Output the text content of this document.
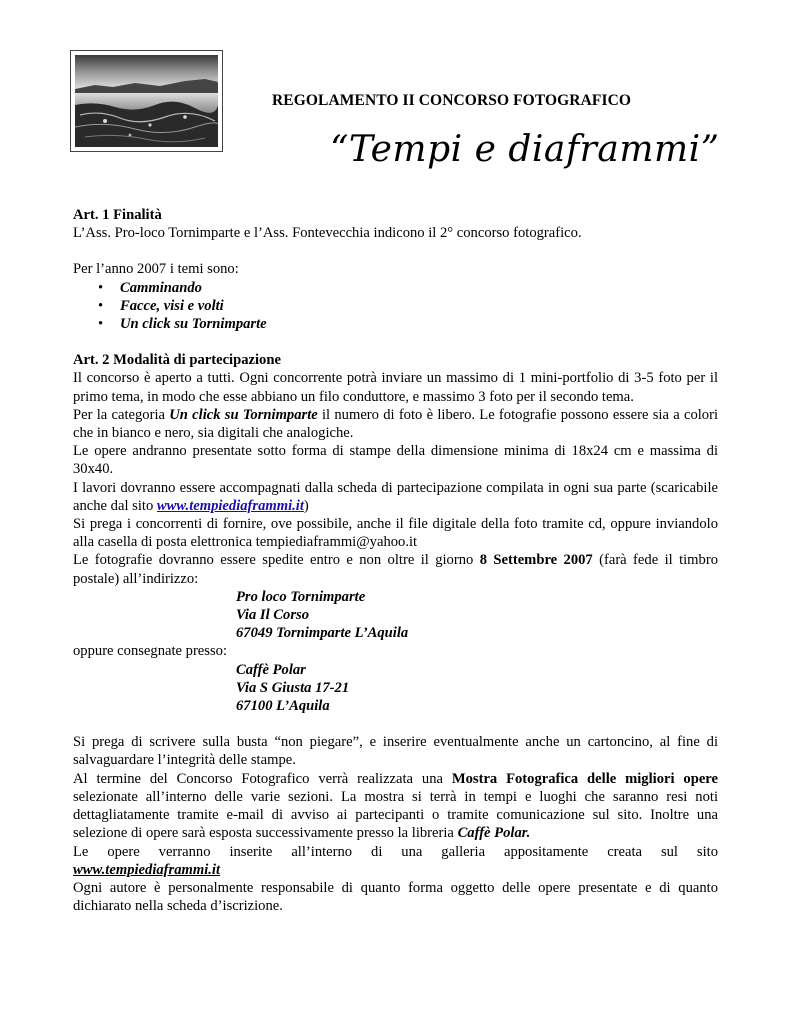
REGOLAMENTO II CONCORSO FOTOGRAFICO
“Tempi e diaframmi”

Art. 1 Finalità

L’Ass. Pro-loco Tornimparte e l’Ass. Fontevecchia indicono il 2° concorso fotografico.

Per l’anno 2007 i temi sono:

• Camminando
• Facce, visi e volti
• Un click su Tornimparte

Art. 2 Modalità di partecipazione

Il concorso è aperto a tutti. Ogni concorrente potrà inviare un massimo di 1 mini-portfolio di 3-5 foto per il primo tema, in modo che esse abbiano un filo conduttore, e massimo 3 foto per il secondo tema.

Per la categoria Un click su Tornimparte il numero di foto è libero. Le fotografie possono essere sia a colori che in bianco e nero, sia digitali che analogiche.

Le opere andranno presentate sotto forma di stampe della dimensione minima di 18x24 cm e massima di 30x40.

I lavori dovranno essere accompagnati dalla scheda di partecipazione compilata in ogni sua parte (scaricabile anche dal sito www.tempiediaframmi.it)

Si prega i concorrenti di fornire, ove possibile, anche il file digitale della foto tramite cd, oppure inviandolo alla casella di posta elettronica tempiediaframmi@yahoo.it

Le fotografie dovranno essere spedite entro e non oltre il giorno 8 Settembre 2007 (farà fede il timbro postale) all’indirizzo:

Pro loco Tornimparte

Via Il Corso

67049 Tornimparte L’Aquila

oppure consegnate presso:

Caffè Polar

Via S Giusta 17-21

67100 L’Aquila

Si prega di scrivere sulla busta “non piegare”, e inserire eventualmente anche un cartoncino, al fine di salvaguardare l’integrità delle stampe.

Al termine del Concorso Fotografico verrà realizzata una Mostra Fotografica delle migliori opere selezionate all’interno delle varie sezioni. La mostra si terrà in tempi e luoghi che saranno resi noti dettagliatamente tramite e-mail di avviso ai partecipanti o tramite comunicazione sul sito. Inoltre una selezione di opere sarà esposta successivamente presso la libreria Caffè Polar.

Le opere verranno inserite all’interno di una galleria appositamente creata sul sito

www.tempiediaframmi.it

Ogni autore è personalmente responsabile di quanto forma oggetto delle opere presentate e di quanto dichiarato nella scheda d’iscrizione.
